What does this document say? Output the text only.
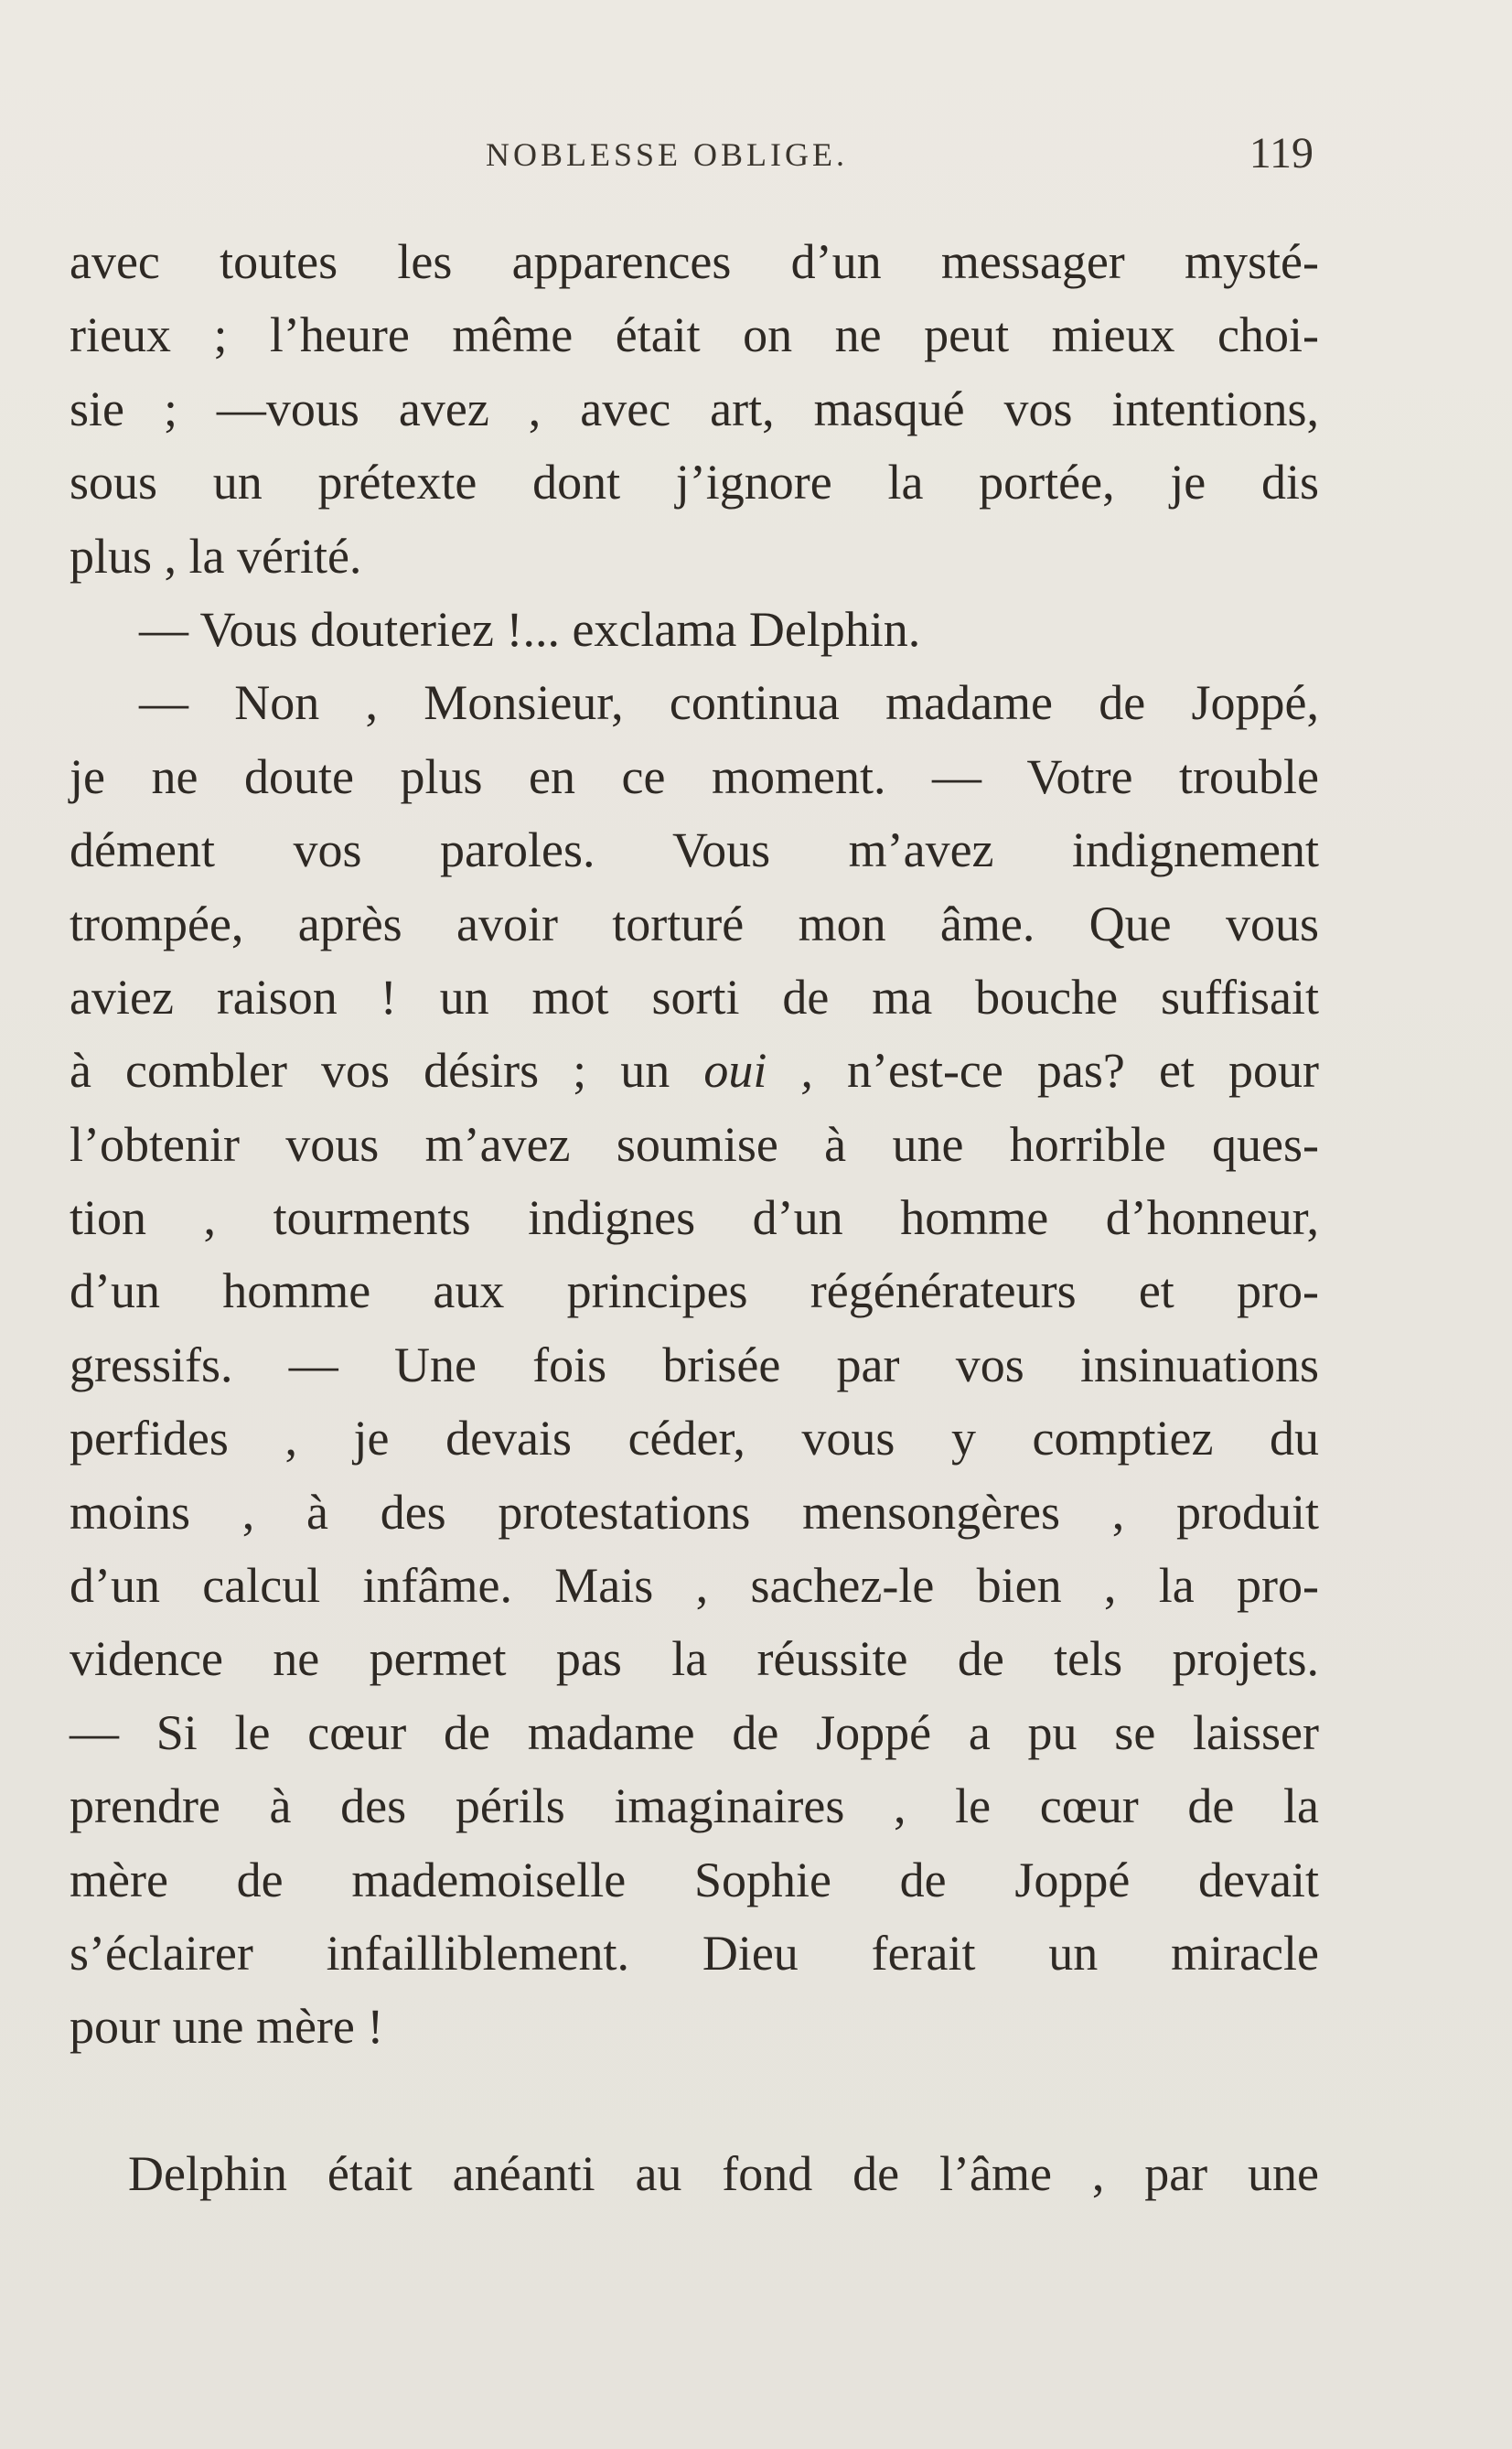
NOBLESSE OBLIGE.	119
avec toutes les apparences d’un messager mysté-
rieux ; l’heure même était on ne peut mieux choi-
sie ; —vous avez , avec art, masqué vos intentions,
sous un prétexte dont j’ignore la portée, je dis
plus , la vérité.
— Vous douteriez !... exclama Delphin.
— Non , Monsieur, continua madame de Joppé,
je ne doute plus en ce moment. — Votre trouble
dément vos paroles. Vous m’avez indignement
trompée, après avoir torturé mon âme. Que vous
aviez raison ! un mot sorti de ma bouche suffisait
à combler vos désirs ; un oui , n’est-ce pas? et pour
l’obtenir vous m’avez soumise à une horrible ques-
tion , tourments indignes d’un homme d’honneur,
d’un homme aux principes régénérateurs et pro-
gressifs. — Une fois brisée par vos insinuations
perfides , je devais céder, vous y comptiez du
moins , à des protestations mensongères , produit
d’un calcul infâme. Mais , sachez-le bien , la pro-
vidence ne permet pas la réussite de tels projets.
— Si le cœur de madame de Joppé a pu se laisser
prendre à des périls imaginaires , le cœur de la
mère de mademoiselle Sophie de Joppé devait
s’éclairer infailliblement. Dieu ferait un miracle
pour une mère !
Delphin était anéanti au fond de l’âme , par une
